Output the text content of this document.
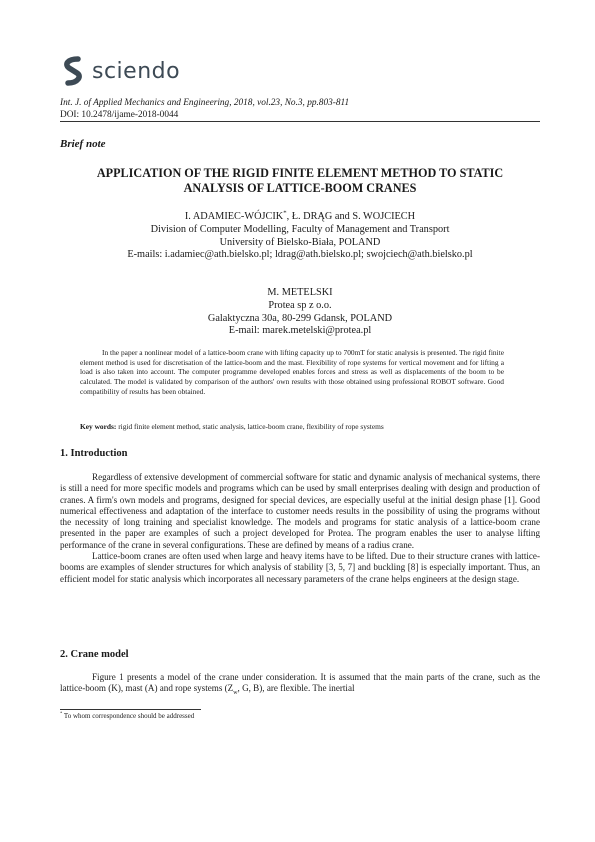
sciendo
Int. J. of Applied Mechanics and Engineering, 2018, vol.23, No.3, pp.803-811
DOI: 10.2478/ijame-2018-0044
Brief note
APPLICATION OF THE RIGID FINITE ELEMENT METHOD TO STATIC
ANALYSIS OF LATTICE-BOOM CRANES
I. ADAMIEC-WÓJCIK*, Ł. DRĄG and S. WOJCIECH
Division of Computer Modelling, Faculty of Management and Transport
University of Bielsko-Biała, POLAND
E-mails: i.adamiec@ath.bielsko.pl; ldrag@ath.bielsko.pl; swojciech@ath.bielsko.pl
M. METELSKI
Protea sp z o.o.
Galaktyczna 30a, 80-299 Gdansk, POLAND
E-mail: marek.metelski@protea.pl
In the paper a nonlinear model of a lattice-boom crane with lifting capacity up to 700mT for static analysis is presented. The rigid finite element method is used for discretisation of the lattice-boom and the mast. Flexibility of rope systems for vertical movement and for lifting a load is also taken into account. The computer programme developed enables forces and stress as well as displacements of the boom to be calculated. The model is validated by comparison of the authors' own results with those obtained using professional ROBOT software. Good compatibility of results has been obtained.
Key words: rigid finite element method, static analysis, lattice-boom crane, flexibility of rope systems
1. Introduction

Regardless of extensive development of commercial software for static and dynamic analysis of mechanical systems, there is still a need for more specific models and programs which can be used by small enterprises dealing with design and production of cranes. A firm's own models and programs, designed for special devices, are especially useful at the initial design phase [1]. Good numerical effectiveness and adaptation of the interface to customer needs results in the possibility of using the programs without the necessity of long training and specialist knowledge. The models and programs for static analysis of a lattice-boom crane presented in the paper are examples of such a project developed for Protea. The program enables the user to analyse lifting performance of the crane in several configurations. These are defined by means of a radius crane.

Lattice-boom cranes are often used when large and heavy items have to be lifted. Due to their structure cranes with lattice-booms are examples of slender structures for which analysis of stability [3, 5, 7] and buckling [8] is especially important. Thus, an efficient model for static analysis which incorporates all necessary parameters of the crane helps engineers at the design stage.

2. Crane model

Figure 1 presents a model of the crane under consideration. It is assumed that the main parts of the crane, such as the lattice-boom (K), mast (A) and rope systems ($Z_w$, G, B), are flexible. The inertial

* To whom correspondence should be addressed
